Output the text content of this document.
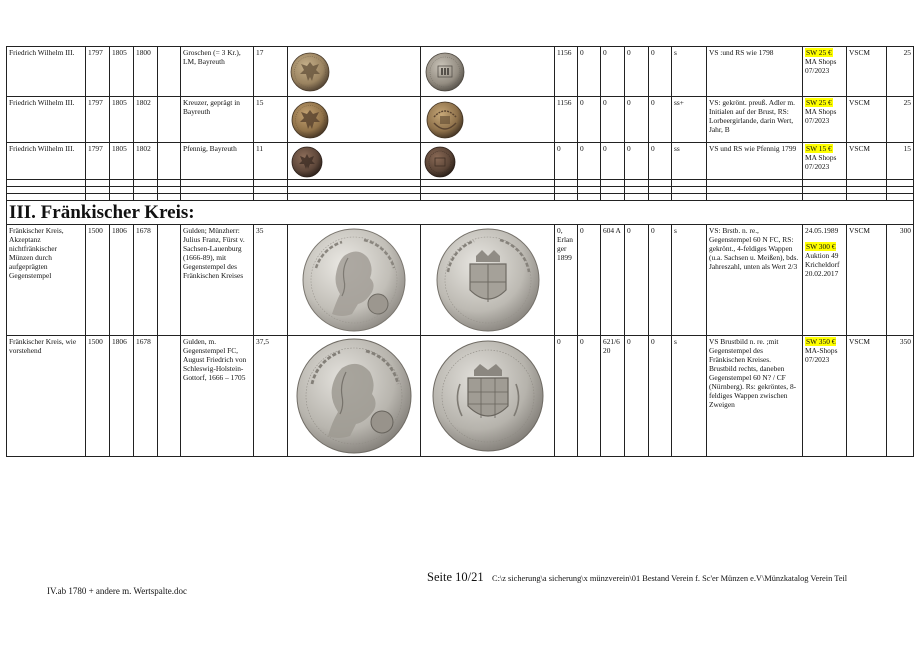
Friedrich Wilhelm III.	1797	1805	1800		Groschen (= 3 Kr.), LM, Bayreuth	17			1156	0	0	0	0	s	VS :und RS wie 1798	SW 25 €
MA Shops 07/2023	VSCM	25
Friedrich Wilhelm III.	1797	1805	1802		Kreuzer, geprägt in Bayreuth	15			1156	0	0	0	0	ss+	VS: gekrönt. preuß. Adler m. Initialen auf der Brust, RS: Lorbeergirlande, darin Wert, Jahr, B	SW 25 €
MA Shops 07/2023	VSCM	25
Friedrich Wilhelm III.	1797	1805	1802		Pfennig, Bayreuth	11			0	0	0	0	0	ss	VS und RS wie Pfennig 1799	SW 15 €
MA Shops 07/2023	VSCM	15

III. Fränkischer Kreis:																		
Fränkischer Kreis, Akzeptanz nichtfränkischer Münzen durch aufgeprägten Gegenstempel	1500	1806	1678		Gulden; Münzherr: Julius Franz, Fürst v. Sachsen-Lauenburg (1666-89), mit Gegenstempel des Fränkischen Kreises	35			0, Erlanger 1899	0	604 A	0	0	s	VS: Brstb. n. re., Gegenstempel 60 N FC, RS: gekrönt., 4-feldiges Wappen (u.a. Sachsen u. Meißen), bds. Jahreszahl, unten als Wert 2/3	24.05.1989
SW 300 €
Auktion 49 Kricheldorf 20.02.2017	VSCM	300
Fränkischer Kreis, wie vorstehend	1500	1806	1678		Gulden, m. Gegenstempel FC, August Friedrich von Schleswig-Holstein-Gottorf, 1666 – 1705	37,5			0	0	621/620	0	0	s	VS Brustbild n. re. ;mit Gegenstempel des Fränkischen Kreises. Brustbild rechts, daneben Gegenstempel 60 N? / CF (Nürnberg). Rs: gekröntes, 8-feldiges Wappen zwischen Zweigen	SW 350 €
MA-Shops 07/2023	VSCM	350
Seite 10/21 C:\z sicherung\a sicherung\x münzverein\01 Bestand Verein f. Sc'er Münzen e.V\Münzkatalog Verein Teil
IV.ab 1780 + andere m. Wertspalte.doc
